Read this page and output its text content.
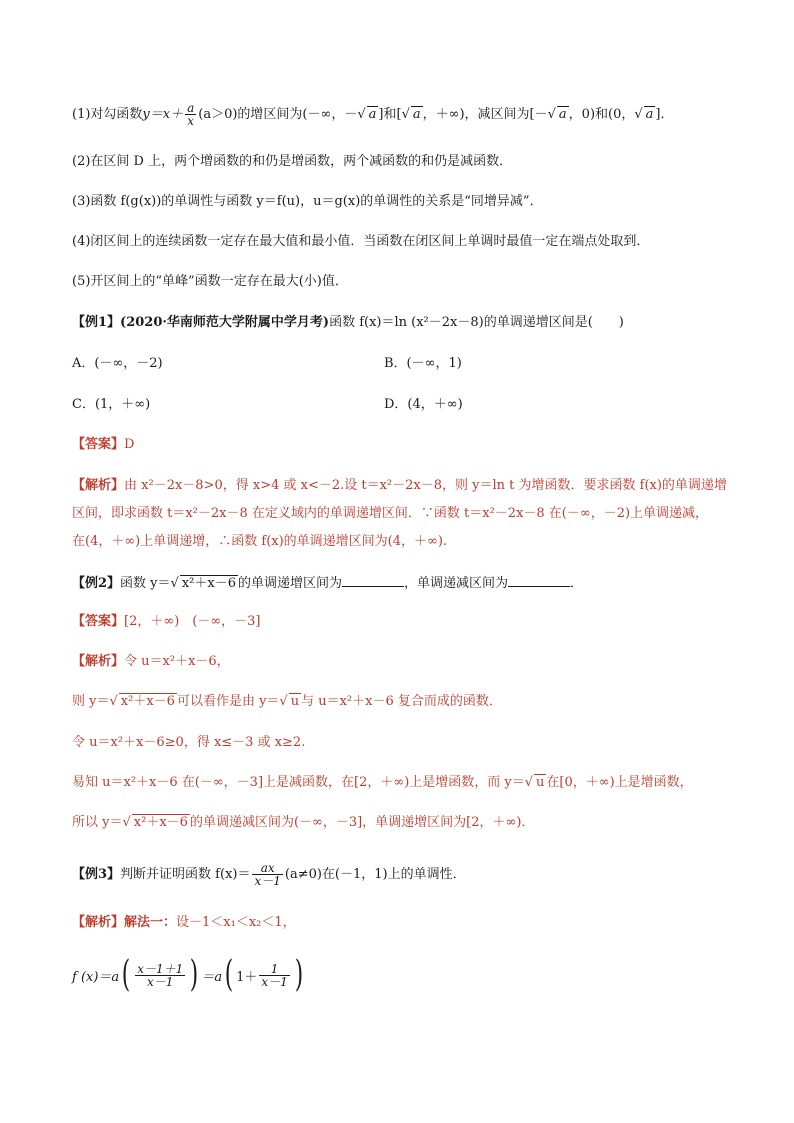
(1)对勾函数$y=x+ \frac{a}{x} (a>0)$的增区间为(－∞，－√ a ]和[√ a ，＋∞)，减区间为[－√ a ，0)和(0，√ a ]．
(2)在区间 D 上，两个增函数的和仍是增函数，两个减函数的和仍是减函数．
(3)函数 f(g(x))的单调性与函数 y＝f(u)，u＝g(x)的单调性的关系是“同增异减”．
(4)闭区间上的连续函数一定存在最大值和最小值．当函数在闭区间上单调时最值一定在端点处取到．
(5)开区间上的“单峰”函数一定存在最大(小)值．
【例1】(2020·华南师范大学附属中学月考)函数 f(x)＝ln (x²－2x－8)的单调递增区间是(　　)
A．(－∞，－2)	B．(－∞，1)
C．(1，＋∞)	D．(4，＋∞)
【答案】D
【解析】由 x²－2x－8>0，得 x>4 或 x<－2.设 t＝x²－2x－8，则 y＝ln t 为增函数．要求函数 f(x)的单调递增
区间，即求函数 t＝x²－2x－8 在定义域内的单调递增区间．∵函数 t＝x²－2x－8 在(－∞，－2)上单调递减，
在(4，＋∞)上单调递增，∴函数 f(x)的单调递增区间为(4，＋∞).
【例2】函数 y＝√ x²＋x－6 的单调递增区间为	，单调递减区间为	．
【答案】[2，＋∞)　(－∞，－3]
【解析】令 u＝x²＋x－6，
则 y＝√ x²＋x－6 可以看作是由 y＝√ u 与 u＝x²＋x－6 复合而成的函数．
令 u＝x²＋x－6≥0，得 x≤－3 或 x≥2.
易知 u＝x²＋x－6 在(－∞，－3]上是减函数，在[2，＋∞)上是增函数，而 y＝√ u 在[0，＋∞)上是增函数，
所以 y＝√ x²＋x－6 的单调递减区间为(－∞，－3]，单调递增区间为[2，＋∞)．
【例3】判断并证明函数 $f(x)= \frac{ax}{x-1} (a\ne 0)$在(－1，1)上的单调性．
【解析】解法一：设－1＜x₁＜x₂＜1，
f $(x)=a( \frac{x-1+1}{x-1}$ ) ＝a( $1+ \frac{1}{x-1}$ )
